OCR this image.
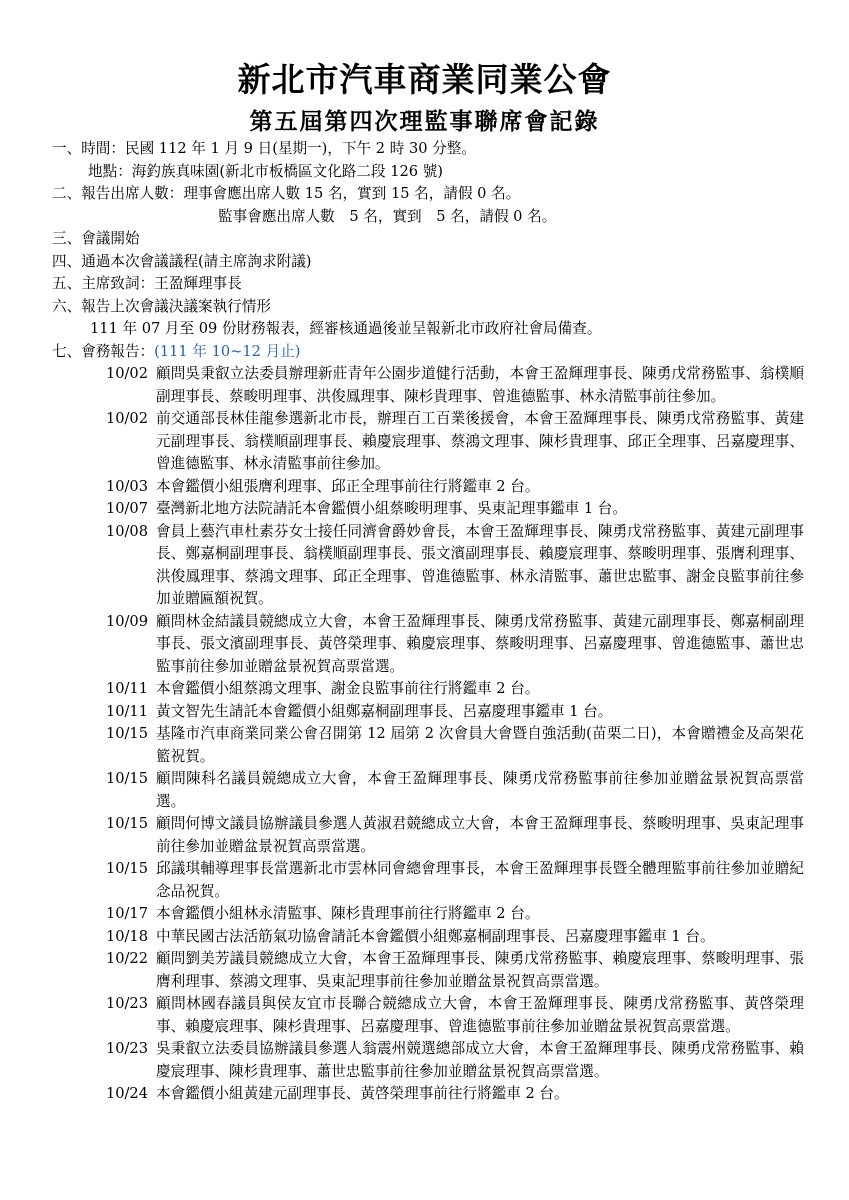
新北市汽車商業同業公會
第五屆第四次理監事聯席會記錄
一、時間：民國 112 年 1 月 9 日(星期一)，下午 2 時 30 分整。
地點：海釣族真味園(新北市板橋區文化路二段 126 號)
二、報告出席人數：理事會應出席人數 15 名，實到 15 名，請假 0 名。
監事會應出席人數　5 名，實到　5 名，請假 0 名。
三、會議開始
四、通過本次會議議程(請主席詢求附議)
五、主席致詞：王盈輝理事長
六、報告上次會議決議案執行情形
111 年 07 月至 09 份財務報表，經審核通過後並呈報新北市政府社會局備查。
七、會務報告：(111 年 10~12 月止)
10/02 顧問吳秉叡立法委員辦理新莊青年公園步道健行活動，本會王盈輝理事長、陳勇戊常務監事、翁樸順副理事長、蔡畯明理事、洪俊鳳理事、陳杉貴理事、曾進德監事、林永清監事前往參加。
10/02 前交通部長林佳龍參選新北市長，辦理百工百業後援會，本會王盈輝理事長、陳勇戊常務監事、黃建元副理事長、翁樸順副理事長、賴慶宸理事、蔡鴻文理事、陳杉貴理事、邱正全理事、呂嘉慶理事、曾進德監事、林永清監事前往參加。
10/03 本會鑑價小組張膺利理事、邱正全理事前往行將鑑車 2 台。
10/07 臺灣新北地方法院請託本會鑑價小組蔡畯明理事、吳東記理事鑑車 1 台。
10/08 會員上藝汽車杜素芬女士接任同濟會爵妙會長，本會王盈輝理事長、陳勇戊常務監事、黃建元副理事長、鄭嘉桐副理事長、翁樸順副理事長、張文濱副理事長、賴慶宸理事、蔡畯明理事、張膺利理事、洪俊鳳理事、蔡鴻文理事、邱正全理事、曾進德監事、林永清監事、蕭世忠監事、謝金良監事前往參加並贈匾額祝賀。
10/09 顧問林金結議員競總成立大會，本會王盈輝理事長、陳勇戊常務監事、黃建元副理事長、鄭嘉桐副理事長、張文濱副理事長、黃啓榮理事、賴慶宸理事、蔡畯明理事、呂嘉慶理事、曾進德監事、蕭世忠監事前往參加並贈盆景祝賀高票當選。
10/11 本會鑑價小組蔡鴻文理事、謝金良監事前往行將鑑車 2 台。
10/11 黃文智先生請託本會鑑價小組鄭嘉桐副理事長、呂嘉慶理事鑑車 1 台。
10/15 基隆市汽車商業同業公會召開第 12 屆第 2 次會員大會暨自強活動(苗栗二日)，本會贈禮金及高架花籃祝賀。
10/15 顧問陳科名議員競總成立大會，本會王盈輝理事長、陳勇戊常務監事前往參加並贈盆景祝賀高票當選。
10/15 顧問何博文議員協辦議員參選人黃淑君競總成立大會，本會王盈輝理事長、蔡畯明理事、吳東記理事前往參加並贈盆景祝賀高票當選。
10/15 邱議琪輔導理事長當選新北市雲林同會總會理事長，本會王盈輝理事長暨全體理監事前往參加並贈紀念品祝賀。
10/17 本會鑑價小組林永清監事、陳杉貴理事前往行將鑑車 2 台。
10/18 中華民國古法活筋氣功協會請託本會鑑價小組鄭嘉桐副理事長、呂嘉慶理事鑑車 1 台。
10/22 顧問劉美芳議員競總成立大會，本會王盈輝理事長、陳勇戊常務監事、賴慶宸理事、蔡畯明理事、張膺利理事、蔡鴻文理事、吳東記理事前往參加並贈盆景祝賀高票當選。
10/23 顧問林國春議員與侯友宜市長聯合競總成立大會，本會王盈輝理事長、陳勇戊常務監事、黃啓榮理事、賴慶宸理事、陳杉貴理事、呂嘉慶理事、曾進德監事前往參加並贈盆景祝賀高票當選。
10/23 吳秉叡立法委員協辦議員參選人翁震州競選總部成立大會，本會王盈輝理事長、陳勇戊常務監事、賴慶宸理事、陳杉貴理事、蕭世忠監事前往參加並贈盆景祝賀高票當選。
10/24 本會鑑價小組黃建元副理事長、黃啓榮理事前往行將鑑車 2 台。
